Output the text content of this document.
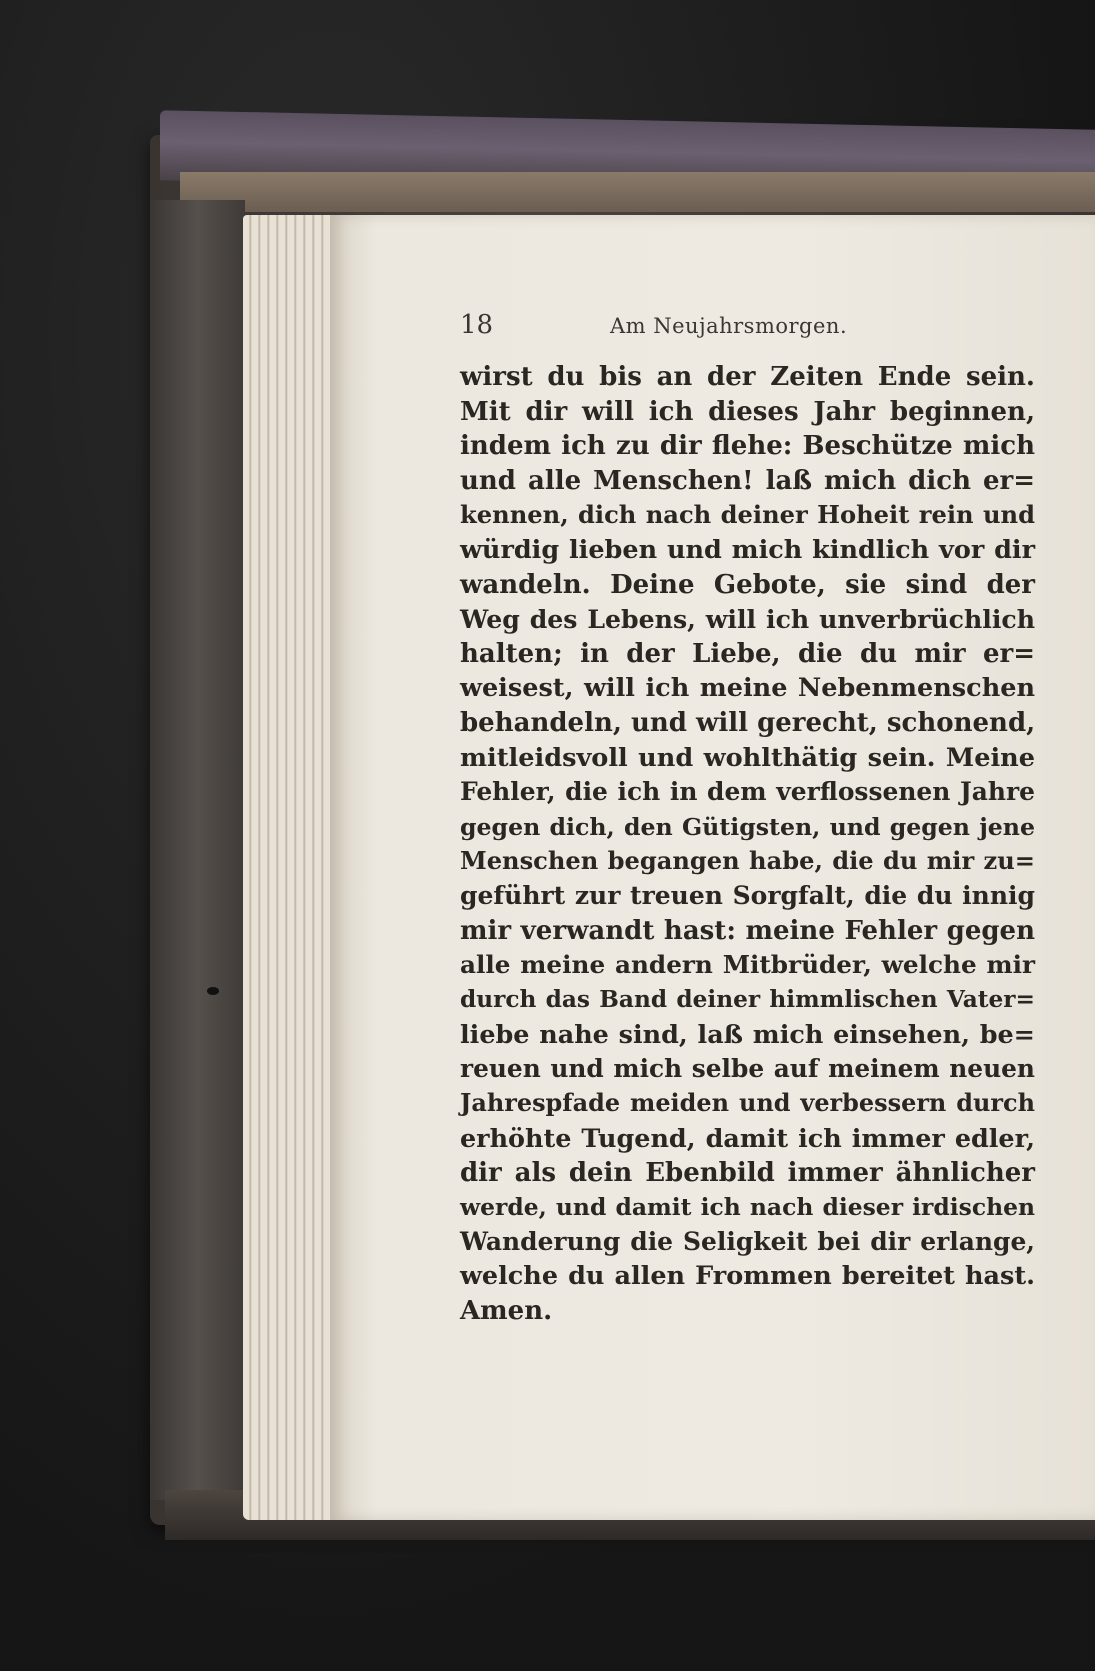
18	Am Neujahrsmorgen.
wirst du bis an der Zeiten Ende sein.
Mit dir will ich dieses Jahr beginnen,
indem ich zu dir flehe: Beschütze mich
und alle Menschen! laß mich dich er=
kennen, dich nach deiner Hoheit rein und
würdig lieben und mich kindlich vor dir
wandeln. Deine Gebote, sie sind der
Weg des Lebens, will ich unverbrüchlich
halten; in der Liebe, die du mir er=
weisest, will ich meine Nebenmenschen
behandeln, und will gerecht, schonend,
mitleidsvoll und wohlthätig sein. Meine
Fehler, die ich in dem verflossenen Jahre
gegen dich, den Gütigsten, und gegen jene
Menschen begangen habe, die du mir zu=
geführt zur treuen Sorgfalt, die du innig
mir verwandt hast: meine Fehler gegen
alle meine andern Mitbrüder, welche mir
durch das Band deiner himmlischen Vater=
liebe nahe sind, laß mich einsehen, be=
reuen und mich selbe auf meinem neuen
Jahrespfade meiden und verbessern durch
erhöhte Tugend, damit ich immer edler,
dir als dein Ebenbild immer ähnlicher
werde, und damit ich nach dieser irdischen
Wanderung die Seligkeit bei dir erlange,
welche du allen Frommen bereitet hast.
Amen.
